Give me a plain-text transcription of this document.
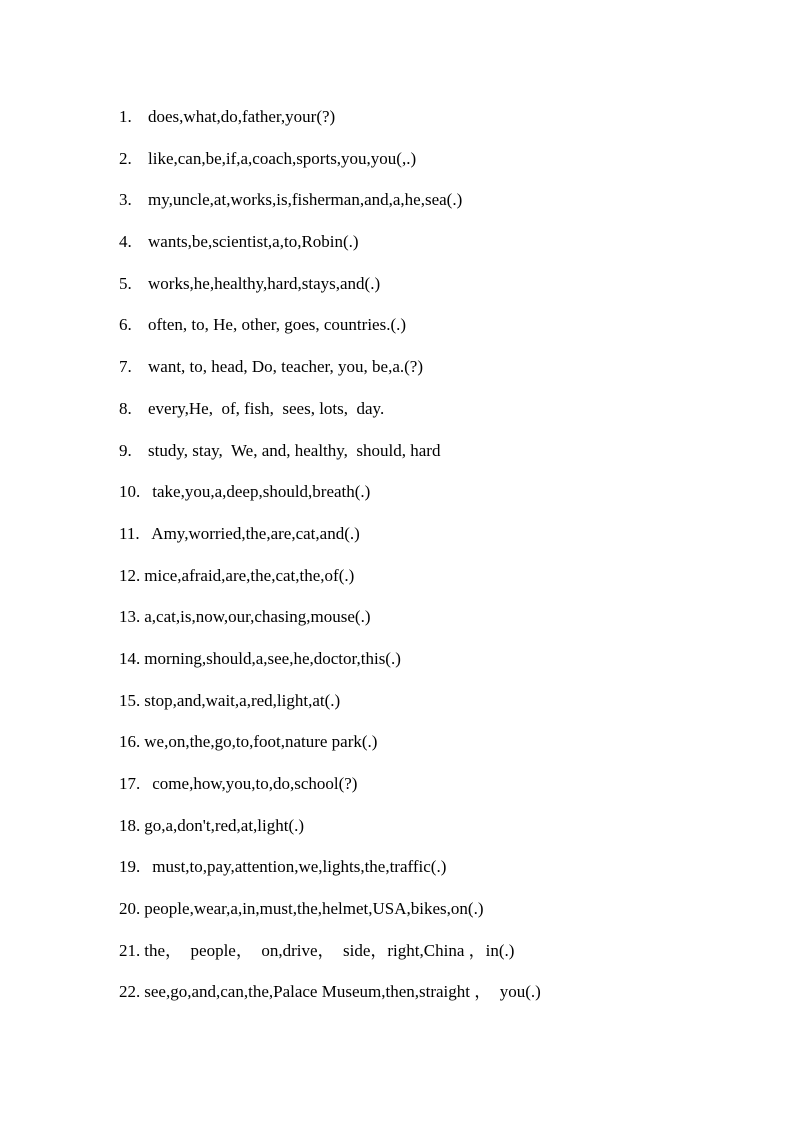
1. does,what,do,father,your(?)
2. like,can,be,if,a,coach,sports,you,you(,.)
3. my,uncle,at,works,is,fisherman,and,a,he,sea(.)
4. wants,be,scientist,a,to,Robin(.)
5. works,he,healthy,hard,stays,and(.)
6. often, to, He, other, goes, countries.(.)
7. want, to, head, Do, teacher, you, be,a.(?)
8. every,He,  of, fish,  sees, lots,  day.
9. study, stay,  We, and, healthy,  should, hard
10. take,you,a,deep,should,breath(.)
11. Amy,worried,the,are,cat,and(.)
12. mice,afraid,are,the,cat,the,of(.)
13. a,cat,is,now,our,chasing,mouse(.)
14. morning,should,a,see,he,doctor,this(.)
15. stop,and,wait,a,red,light,at(.)
16. we,on,the,go,to,foot,nature park(.)
17. come,how,you,to,do,school(?)
18. go,a,don't,red,at,light(.)
19. must,to,pay,attention,we,lights,the,traffic(.)
20. people,wear,a,in,must,the,helmet,USA,bikes,on(.)
21. the，  people，  on,drive，  side，right,China ，in(.)
22. see,go,and,can,the,Palace Museum,then,straight ，  you(.)
